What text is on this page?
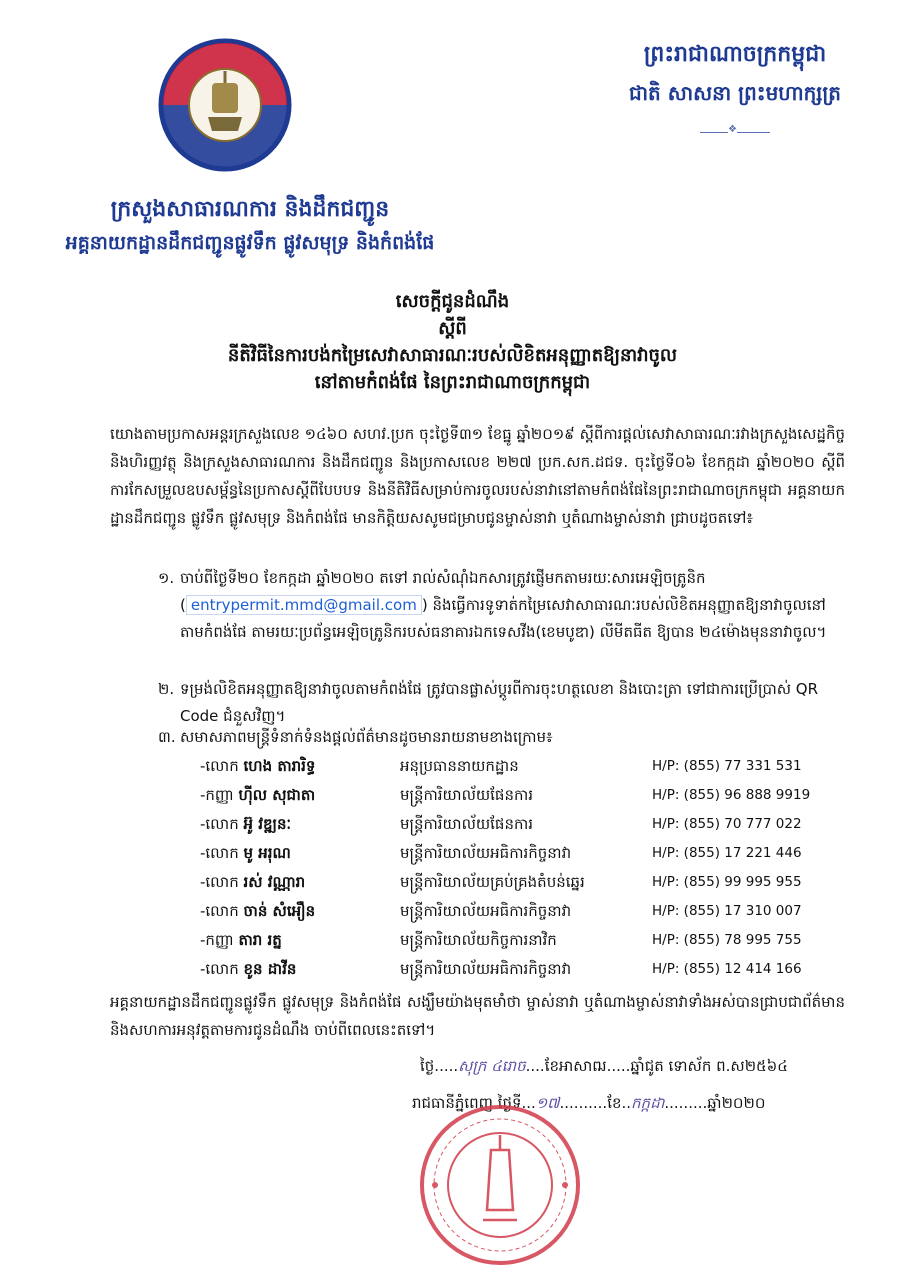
ព្រះរាជាណាចក្រកម្ពុជា
ជាតិ សាសនា ព្រះមហាក្សត្រ
❖
ក្រសួងសាធារណការ និងដឹកជញ្ជូន
អគ្គនាយកដ្ឋានដឹកជញ្ជូនផ្លូវទឹក ផ្លូវសមុទ្រ និងកំពង់ផែ
សេចក្តីជូនដំណឹង
ស្តីពី
នីតិវិធីនៃការបង់កម្រៃសេវាសាធារណៈរបស់លិខិតអនុញ្ញាតឱ្យនាវាចូល
នៅតាមកំពង់ផែ នៃព្រះរាជាណាចក្រកម្ពុជា
យោងតាមប្រកាសអន្តរក្រសួងលេខ ១៤៦០ សហវ.ប្រក ចុះថ្ងៃទី៣១ ខែធ្នូ ឆ្នាំ២០១៩ ស្តីពីការផ្តល់សេវាសាធារណៈរវាងក្រសួងសេដ្ឋកិច្ច និងហិរញ្ញវត្ថុ និងក្រសួងសាធារណការ និងដឹកជញ្ជូន និងប្រកាសលេខ ២២៧ ប្រក.សក.ដជទ. ចុះថ្ងៃទី០៦ ខែកក្កដា ឆ្នាំ២០២០ ស្តីពីការកែសម្រួលឧបសម្ព័ន្ធនៃប្រកាសស្តីពីបែបបទ និងនីតិវិធីសម្រាប់ការចូលរបស់នាវានៅតាមកំពង់ផែនៃព្រះរាជាណាចក្រកម្ពុជា អគ្គនាយកដ្ឋានដឹកជញ្ជូន ផ្លូវទឹក ផ្លូវសមុទ្រ និងកំពង់ផែ មានកិត្តិយសសូមជម្រាបជូនម្ចាស់នាវា ឬតំណាងម្ចាស់នាវា ជ្រាបដូចតទៅ៖
១. ចាប់ពីថ្ងៃទី២០ ខែកក្កដា ឆ្នាំ២០២០ តទៅ រាល់សំណុំឯកសារត្រូវផ្ញើមកតាមរយៈសារអេឡិចត្រូនិក ( entrypermit.mmd@gmail.com ) និងធ្វើការទូទាត់កម្រៃសេវាសាធារណៈរបស់លិខិតអនុញ្ញាតឱ្យនាវាចូលនៅតាមកំពង់ផែ តាមរយៈប្រព័ន្ធអេឡិចត្រូនិករបស់ធនាគារឯកទេសវីង(ខេមបូឌា) លីមីតធីត ឱ្យបាន ២៤ម៉ោងមុននាវាចូល។
២. ទម្រង់លិខិតអនុញ្ញាតឱ្យនាវាចូលតាមកំពង់ផែ ត្រូវបានផ្លាស់ប្តូរពីការចុះហត្ថលេខា និងបោះត្រា ទៅជាការប្រើប្រាស់ QR Code ជំនួសវិញ។
៣. សមាសភាពមន្ត្រីទំនាក់ទំនងផ្តល់ព័ត៌មានដូចមានរាយនាមខាងក្រោម៖
-លោក ហេង តារារិទ្ធ	អនុប្រធាននាយកដ្ឋាន	H/P: (855) 77 331 531
-កញ្ញា ហ៊ីល សុជាតា	មន្ត្រីការិយាល័យផែនការ	H/P: (855) 96 888 9919
-លោក អ៊ូ វឌ្ឍនៈ	មន្ត្រីការិយាល័យផែនការ	H/P: (855) 70 777 022
-លោក មូ អរុណ	មន្ត្រីការិយាល័យអធិការកិច្ចនាវា	H/P: (855) 17 221 446
-លោក រស់ វណ្ណារា	មន្ត្រីការិយាល័យគ្រប់គ្រងតំបន់ឆ្នេរ	H/P: (855) 99 995 955
-លោក ចាន់ សំអឿន	មន្ត្រីការិយាល័យអធិការកិច្ចនាវា	H/P: (855) 17 310 007
-កញ្ញា តារា រត្ន	មន្ត្រីការិយាល័យកិច្ចការនាវិក	H/P: (855) 78 995 755
-លោក ខូន ដាវីន	មន្ត្រីការិយាល័យអធិការកិច្ចនាវា	H/P: (855) 12 414 166
អគ្គនាយកដ្ឋានដឹកជញ្ជូនផ្លូវទឹក ផ្លូវសមុទ្រ និងកំពង់ផែ សង្ឃឹមយ៉ាងមុតមាំថា ម្ចាស់នាវា ឬតំណាងម្ចាស់នាវាទាំងអស់បានជ្រាបជាព័ត៌មាន និងសហការអនុវត្តតាមការជូនដំណឹង ចាប់ពីពេលនេះតទៅ។
ថ្ងៃ.....សុក្រ ៤រោច....ខែអាសាឍ.....ឆ្នាំជូត ទោស័ក ព.ស២៥៦៤
រាជធានីភ្នំពេញ ថ្ងៃទី...១៧..........ខែ..កក្កដា.........ឆ្នាំ២០២០
